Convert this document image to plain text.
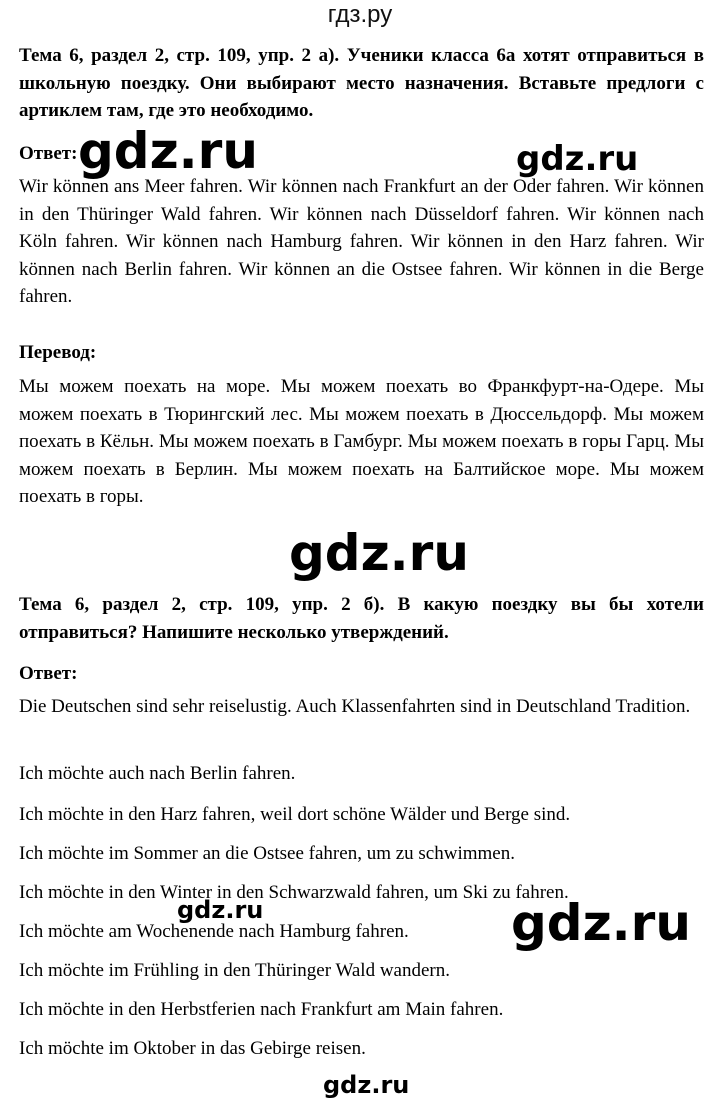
гдз.ру

Тема 6, раздел 2, стр. 109, упр. 2 a). Ученики класса 6a хотят отправиться в школьную поездку. Они выбирают место назначения. Вставьте предлоги с артиклем там, где это необходимо.

Ответ:

Wir können ans Meer fahren. Wir können nach Frankfurt an der Oder fahren. Wir können in den Thüringer Wald fahren. Wir können nach Düsseldorf fahren. Wir können nach Köln fahren. Wir können nach Hamburg fahren. Wir können in den Harz fahren. Wir können nach Berlin fahren. Wir können an die Ostsee fahren. Wir können in die Berge fahren.

Перевод:

Мы можем поехать на море. Мы можем поехать во Франкфурт-на-Одере. Мы можем поехать в Тюрингский лес. Мы можем поехать в Дюссельдорф. Мы можем поехать в Кёльн. Мы можем поехать в Гамбург. Мы можем поехать в горы Гарц. Мы можем поехать в Берлин. Мы можем поехать на Балтийское море. Мы можем поехать в горы.

Тема 6, раздел 2, стр. 109, упр. 2 б). В какую поездку вы бы хотели отправиться? Напишите несколько утверждений.

Ответ:

Die Deutschen sind sehr reiselustig. Auch Klassenfahrten sind in Deutschland Tradition.

Ich möchte auch nach Berlin fahren.

Ich möchte in den Harz fahren, weil dort schöne Wälder und Berge sind.

Ich möchte im Sommer an die Ostsee fahren, um zu schwimmen.

Ich möchte in den Winter in den Schwarzwald fahren, um Ski zu fahren.

Ich möchte am Wochenende nach Hamburg fahren.

Ich möchte im Frühling in den Thüringer Wald wandern.

Ich möchte in den Herbstferien nach Frankfurt am Main fahren.

Ich möchte im Oktober in das Gebirge reisen.

gdz.ru	gdz.ru
gdz.ru
gdz.ru	gdz.ru
gdz.ru
